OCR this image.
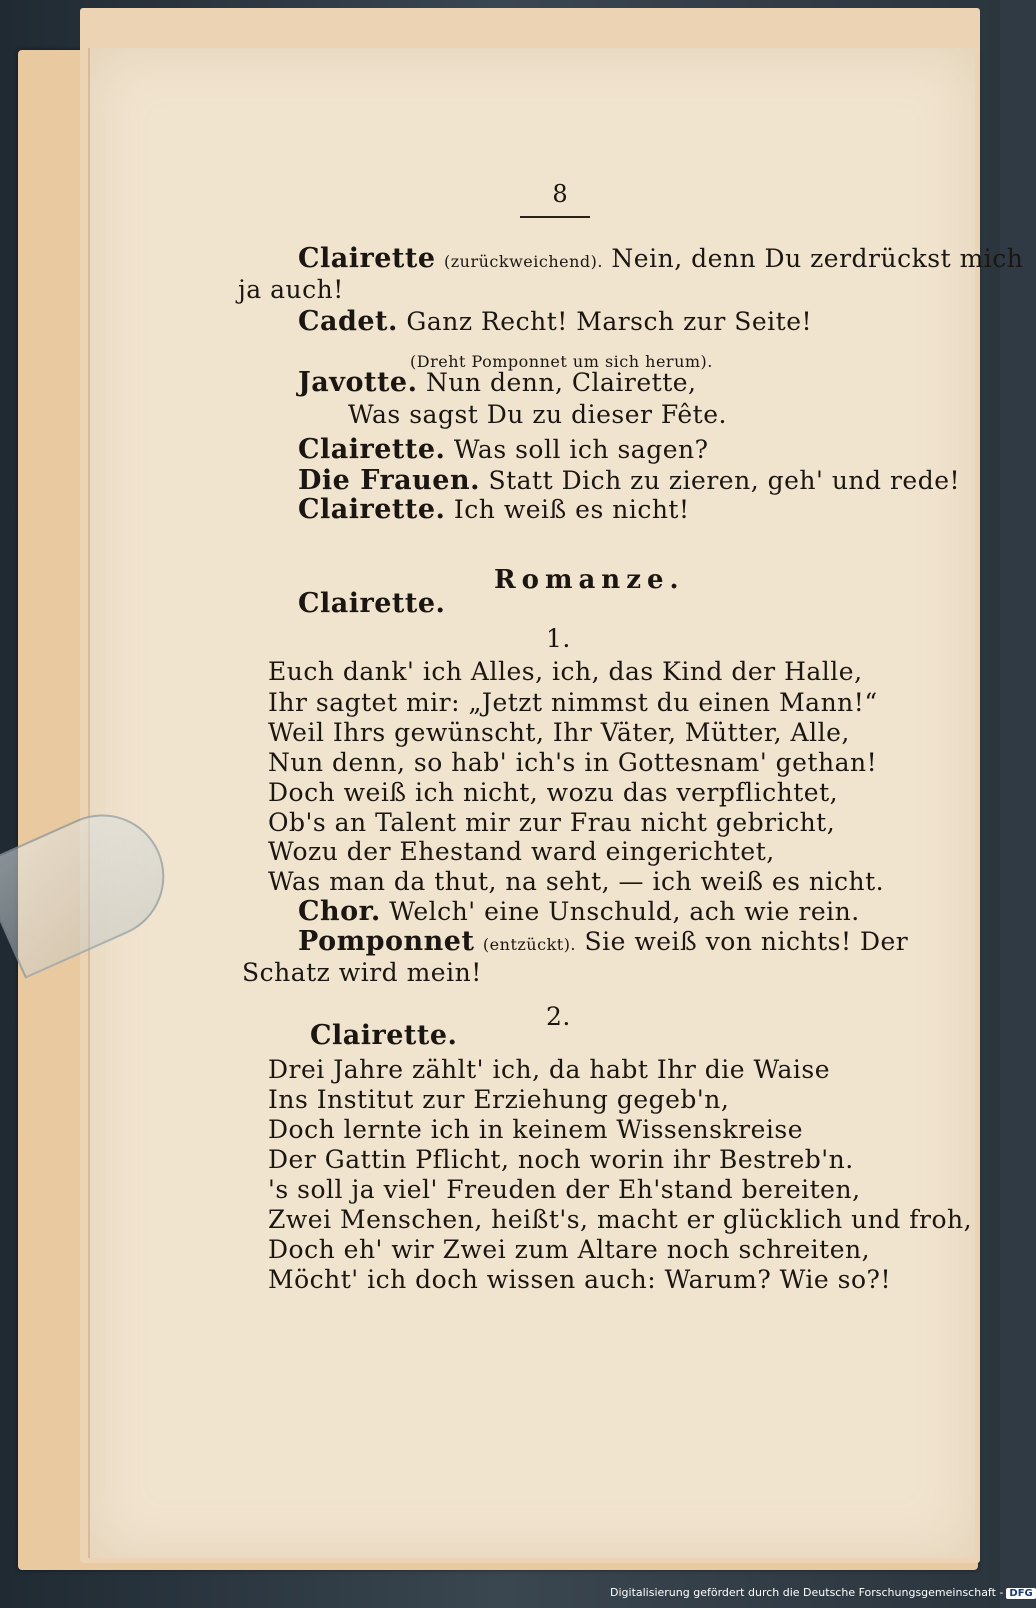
8
Clairette (zurückweichend). Nein, denn Du zerdrückst mich
ja auch!
Cadet. Ganz Recht! Marsch zur Seite!
(Dreht Pomponnet um sich herum).
Javotte. Nun denn, Clairette,
Was sagst Du zu dieser Fête.
Clairette. Was soll ich sagen?
Die Frauen. Statt Dich zu zieren, geh' und rede!
Clairette. Ich weiß es nicht!
Romanze.
Clairette.
1.
Euch dank' ich Alles, ich, das Kind der Halle,
Ihr sagtet mir: „Jetzt nimmst du einen Mann!“
Weil Ihrs gewünscht, Ihr Väter, Mütter, Alle,
Nun denn, so hab' ich's in Gottesnam' gethan!
Doch weiß ich nicht, wozu das verpflichtet,
Ob's an Talent mir zur Frau nicht gebricht,
Wozu der Ehestand ward eingerichtet,
Was man da thut, na seht, — ich weiß es nicht.
Chor. Welch' eine Unschuld, ach wie rein.
Pomponnet (entzückt). Sie weiß von nichts! Der
Schatz wird mein!
2.
Clairette.
Drei Jahre zählt' ich, da habt Ihr die Waise
Ins Institut zur Erziehung gegeb'n,
Doch lernte ich in keinem Wissenskreise
Der Gattin Pflicht, noch worin ihr Bestreb'n.
's soll ja viel' Freuden der Eh'stand bereiten,
Zwei Menschen, heißt's, macht er glücklich und froh,
Doch eh' wir Zwei zum Altare noch schreiten,
Möcht' ich doch wissen auch: Warum? Wie so?!
Digitalisierung gefördert durch die Deutsche Forschungsgemeinschaft - DFG
